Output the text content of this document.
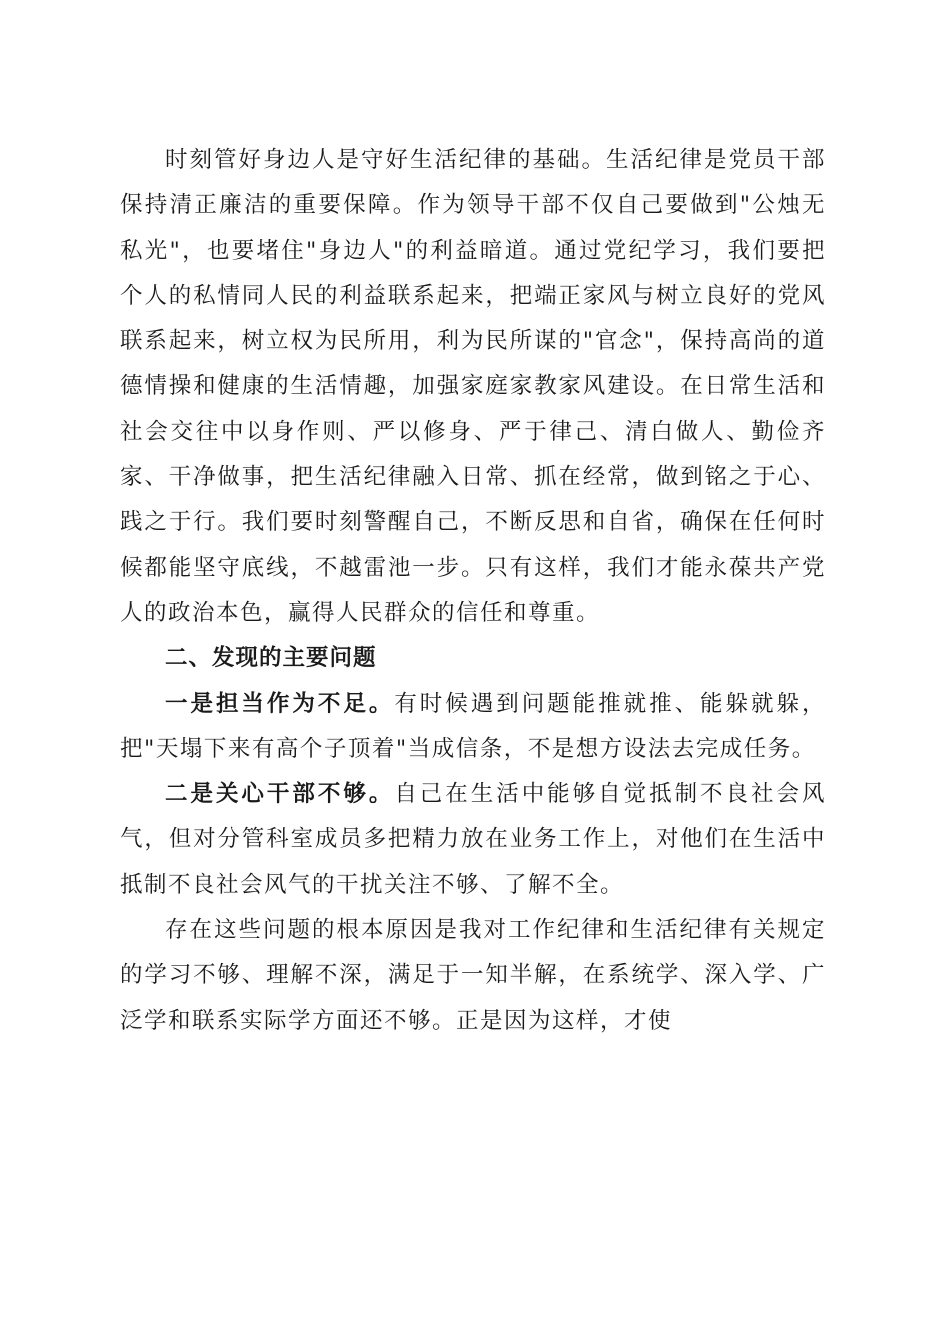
时刻管好身边人是守好生活纪律的基础。生活纪律是党员干部保持清正廉洁的重要保障。作为领导干部不仅自己要做到"公烛无私光"，也要堵住"身边人"的利益暗道。通过党纪学习，我们要把个人的私情同人民的利益联系起来，把端正家风与树立良好的党风联系起来，树立权为民所用，利为民所谋的"官念"，保持高尚的道德情操和健康的生活情趣，加强家庭家教家风建设。在日常生活和社会交往中以身作则、严以修身、严于律己、清白做人、勤俭齐家、干净做事，把生活纪律融入日常、抓在经常，做到铭之于心、践之于行。我们要时刻警醒自己，不断反思和自省，确保在任何时候都能坚守底线，不越雷池一步。只有这样，我们才能永葆共产党人的政治本色，赢得人民群众的信任和尊重。

二、发现的主要问题

一是担当作为不足。有时候遇到问题能推就推、能躲就躲，把"天塌下来有高个子顶着"当成信条，不是想方设法去完成任务。

二是关心干部不够。自己在生活中能够自觉抵制不良社会风气，但对分管科室成员多把精力放在业务工作上，对他们在生活中抵制不良社会风气的干扰关注不够、了解不全。

存在这些问题的根本原因是我对工作纪律和生活纪律有关规定的学习不够、理解不深，满足于一知半解，在系统学、深入学、广泛学和联系实际学方面还不够。正是因为这样，才使
